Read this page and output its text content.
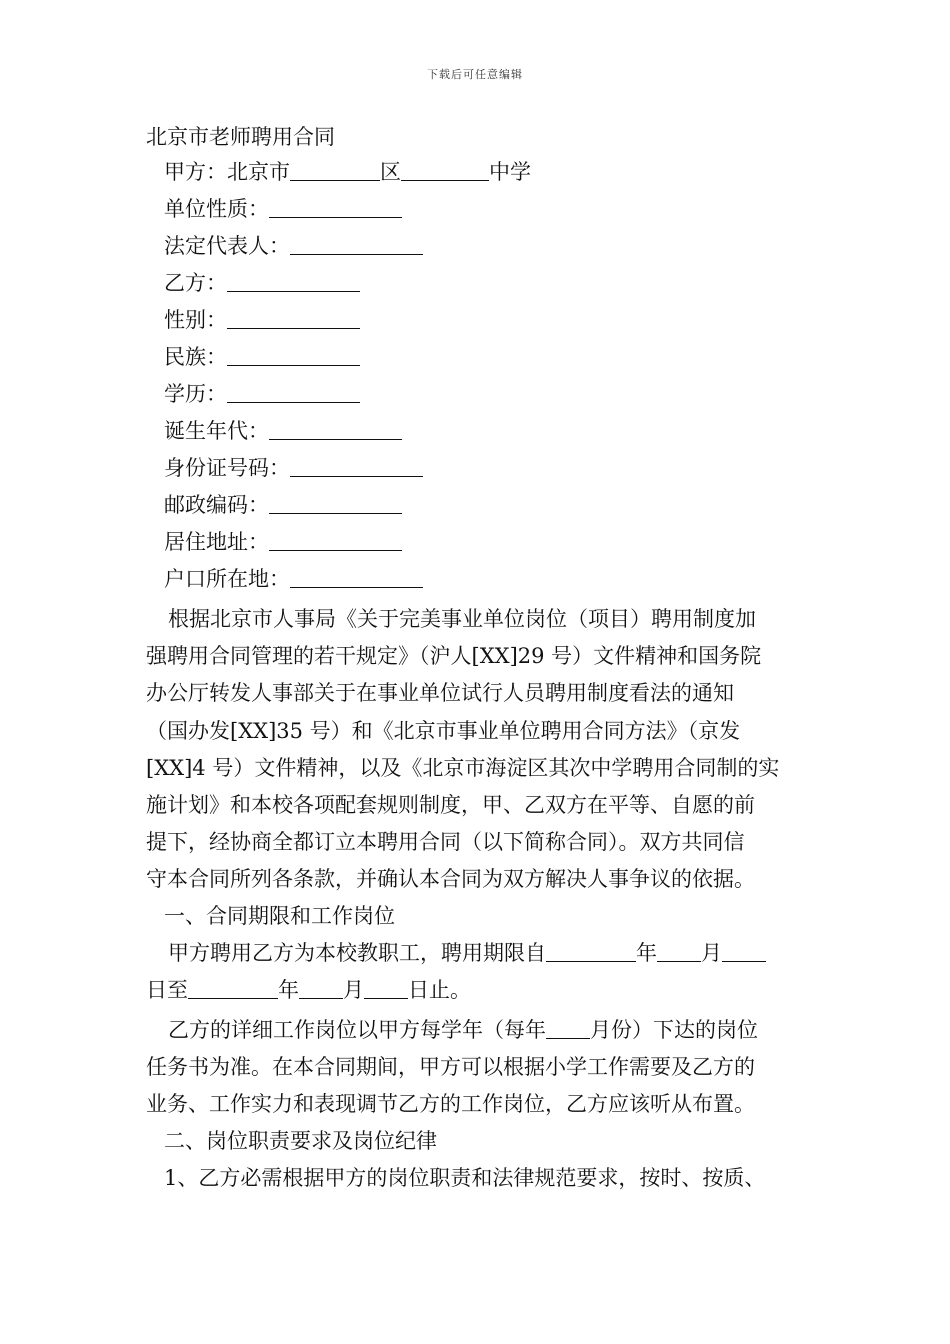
下载后可任意编辑
北京市老师聘用合同
甲方：北京市	区	中学
单位性质：
法定代表人：
乙方：
性别：
民族：
学历：
诞生年代：
身份证号码：
邮政编码：
居住地址：
户口所在地：
根据北京市人事局《关于完美事业单位岗位（项目）聘用制度加
强聘用合同管理的若干规定》（沪人[XX]29 号）文件精神和国务院
办公厅转发人事部关于在事业单位试行人员聘用制度看法的通知
（国办发[XX]35 号）和《北京市事业单位聘用合同方法》（京发
[XX]4 号）文件精神，以及《北京市海淀区其次中学聘用合同制的实
施计划》和本校各项配套规则制度，甲、乙双方在平等、自愿的前
提下，经协商全都订立本聘用合同（以下简称合同）。双方共同信
守本合同所列各条款，并确认本合同为双方解决人事争议的依据。
一、合同期限和工作岗位
甲方聘用乙方为本校教职工，聘用期限自	年 月
日至	年 月 日止。
乙方的详细工作岗位以甲方每学年（每年 月份）下达的岗位
任务书为准。在本合同期间，甲方可以根据小学工作需要及乙方的
业务、工作实力和表现调节乙方的工作岗位，乙方应该听从布置。
二、岗位职责要求及岗位纪律
1、乙方必需根据甲方的岗位职责和法律规范要求，按时、按质、
